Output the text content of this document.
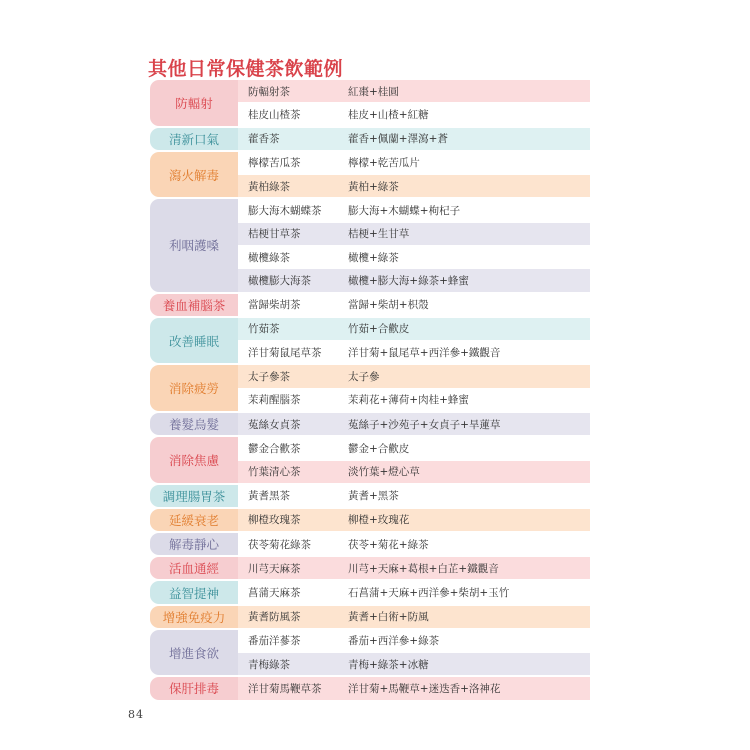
其他日常保健茶飲範例
防輻射
防輻射茶	紅棗+桂圓
桂皮山楂茶	桂皮+山楂+紅糖
清新口氣	藿香茶	藿香+佩蘭+澤瀉+蒼
瀉火解毒
檸檬苦瓜茶	檸檬+乾苦瓜片
黃柏綠茶	黃柏+綠茶
利咽護嗓
膨大海木蝴蝶茶	膨大海+木蝴蝶+枸杞子
桔梗甘草茶	桔梗+生甘草
橄欖綠茶	橄欖+綠茶
橄欖膨大海茶	橄欖+膨大海+綠茶+蜂蜜
養血補腦茶	當歸柴胡茶	當歸+柴胡+枳殼
改善睡眠
竹茹茶	竹茹+合歡皮
洋甘菊鼠尾草茶	洋甘菊+鼠尾草+西洋參+鐵觀音
消除疲勞
太子參茶	太子參
茉莉醒腦茶	茉莉花+薄荷+肉桂+蜂蜜
養髮烏髮	菟絲女貞茶	菟絲子+沙苑子+女貞子+旱蓮草
消除焦慮
鬱金合歡茶	鬱金+合歡皮
竹葉清心茶	淡竹葉+燈心草
調理腸胃茶	黃耆黑茶	黃耆+黑茶
延緩衰老	柳橙玫瑰茶	柳橙+玫瑰花
解毒靜心	茯苓菊花綠茶	茯苓+菊花+綠茶
活血通經	川芎天麻茶	川芎+天麻+葛根+白芷+鐵觀音
益智提神	菖蒲天麻茶	石菖蒲+天麻+西洋參+柴胡+玉竹
增強免疫力	黃耆防風茶	黃耆+白術+防風
增進食欲
番茄洋蔘茶	番茄+西洋參+綠茶
青梅綠茶	青梅+綠茶+冰糖
保肝排毒	洋甘菊馬鞭草茶	洋甘菊+馬鞭草+迷迭香+洛神花
84
